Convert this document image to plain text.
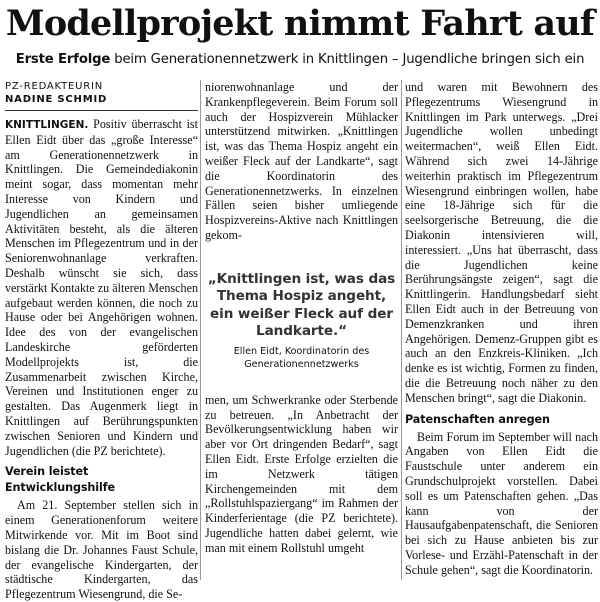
Modellprojekt nimmt Fahrt auf
Erste Erfolge beim Generationennetzwerk in Knittlingen – Jugendliche bringen sich ein
PZ-REDAKTEURIN
NADINE SCHMID

KNITTLINGEN. Positiv überrascht ist Ellen Eidt über das „große Interesse“ am Generationennetzwerk in Knittlingen. Die Gemeindediakonin meint sogar, dass momentan mehr Interesse von Kindern und Jugendlichen an gemeinsamen Aktivitäten besteht, als die älteren Menschen im Pflegezentrum und in der Seniorenwohnanlage verkraften. Deshalb wünscht sie sich, dass verstärkt Kontakte zu älteren Menschen aufgebaut werden können, die noch zu Hause oder bei Angehörigen wohnen. Idee des von der evangelischen Landeskirche geförderten Modellprojekts ist, die Zusammenarbeit zwischen Kirche, Vereinen und Institutionen enger zu gestalten. Das Augenmerk liegt in Knittlingen auf Berührungspunkten zwischen Senioren und Kindern und Jugendlichen (die PZ berichtete).

Verein leistet Entwicklungshilfe

Am 21. September stellen sich in einem Generationenforum weitere Mitwirkende vor. Mit im Boot sind bislang die Dr. Johannes Faust Schule, der evangelische Kindergarten, der städtische Kindergarten, das Pflegezentrum Wiesengrund, die Se-

niorenwohnanlage und der Krankenpflegeverein. Beim Forum soll auch der Hospizverein Mühlacker unterstützend mitwirken. „Knittlingen ist, was das Thema Hospiz angeht ein weißer Fleck auf der Landkarte“, sagt die Koordinatorin des Generationennetzwerks. In einzelnen Fällen seien bisher umliegende Hospizvereins-Aktive nach Knittlingen gekom-

„Knittlingen ist, was das Thema Hospiz angeht, ein weißer Fleck auf der Landkarte.“
Ellen Eidt, Koordinatorin des Generationennetzwerks

men, um Schwerkranke oder Sterbende zu betreuen. „In Anbetracht der Bevölkerungsentwicklung haben wir aber vor Ort dringenden Bedarf“, sagt Ellen Eidt. Erste Erfolge erzielten die im Netzwerk tätigen Kirchengemeinden mit dem „Rollstuhlspaziergang“ im Rahmen der Kinderferientage (die PZ berichtete). Jugendliche hatten dabei gelernt, wie man mit einem Rollstuhl umgeht

und waren mit Bewohnern des Pflegezentrums Wiesengrund in Knittlingen im Park unterwegs. „Drei Jugendliche wollen unbedingt weitermachen“, weiß Ellen Eidt. Während sich zwei 14-Jährige weiterhin praktisch im Pflegezentrum Wiesengrund einbringen wollen, habe eine 18-Jährige sich für die seelsorgerische Betreuung, die die Diakonin intensivieren will, interessiert. „Uns hat überrascht, dass die Jugendlichen keine Berührungsängste zeigen“, sagt die Knittlingerin. Handlungsbedarf sieht Ellen Eidt auch in der Betreuung von Demenzkranken und ihren Angehörigen. Demenz-Gruppen gibt es auch an den Enzkreis-Kliniken. „Ich denke es ist wichtig, Formen zu finden, die die Betreuung noch näher zu den Menschen bringt“, sagt die Diakonin.

Patenschaften anregen

Beim Forum im September will nach Angaben von Ellen Eidt die Faustschule unter anderem ein Grundschulprojekt vorstellen. Dabei soll es um Patenschaften gehen. „Das kann von der Hausaufgabenpatenschaft, die Senioren bei sich zu Hause anbieten bis zur Vorlese- und Erzähl-Patenschaft in der Schule gehen“, sagt die Koordinatorin.
